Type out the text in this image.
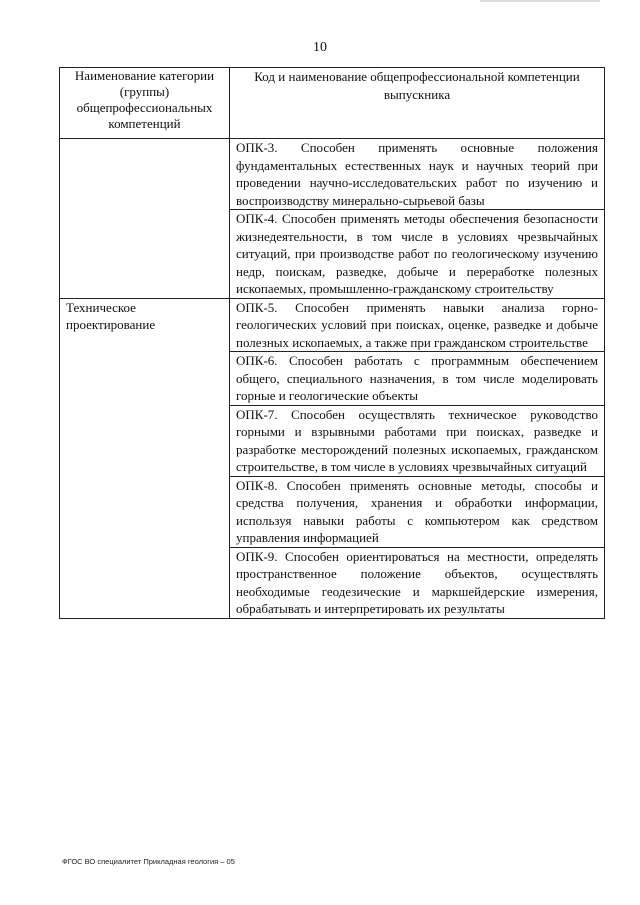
10
Наименование категории (группы) общепрофессиональных компетенций	Код и наименование общепрофессиональной компетенции выпускника

	ОПК-3. Способен применять основные положения фундаментальных естественных наук и научных теорий при проведении научно-исследовательских работ по изучению и воспроизводству минерально-сырьевой базы

	ОПК-4. Способен применять методы обеспечения безопасности жизнедеятельности, в том числе в условиях чрезвычайных ситуаций, при производстве работ по геологическому изучению недр, поискам, разведке, добыче и переработке полезных ископаемых, промышленно-гражданскому строительству

Техническое проектирование	ОПК-5. Способен применять навыки анализа горно-геологических условий при поисках, оценке, разведке и добыче полезных ископаемых, а также при гражданском строительстве

	ОПК-6. Способен работать с программным обеспечением общего, специального назначения, в том числе моделировать горные и геологические объекты

	ОПК-7. Способен осуществлять техническое руководство горными и взрывными работами при поисках, разведке и разработке месторождений полезных ископаемых, гражданском строительстве, в том числе в условиях чрезвычайных ситуаций

	ОПК-8. Способен применять основные методы, способы и средства получения, хранения и обработки информации, используя навыки работы с компьютером как средством управления информацией

	ОПК-9. Способен ориентироваться на местности, определять пространственное положение объектов, осуществлять необходимые геодезические и маркшейдерские измерения, обрабатывать и интерпретировать их результаты
ФГОС ВО специалитет Прикладная геология – 05
